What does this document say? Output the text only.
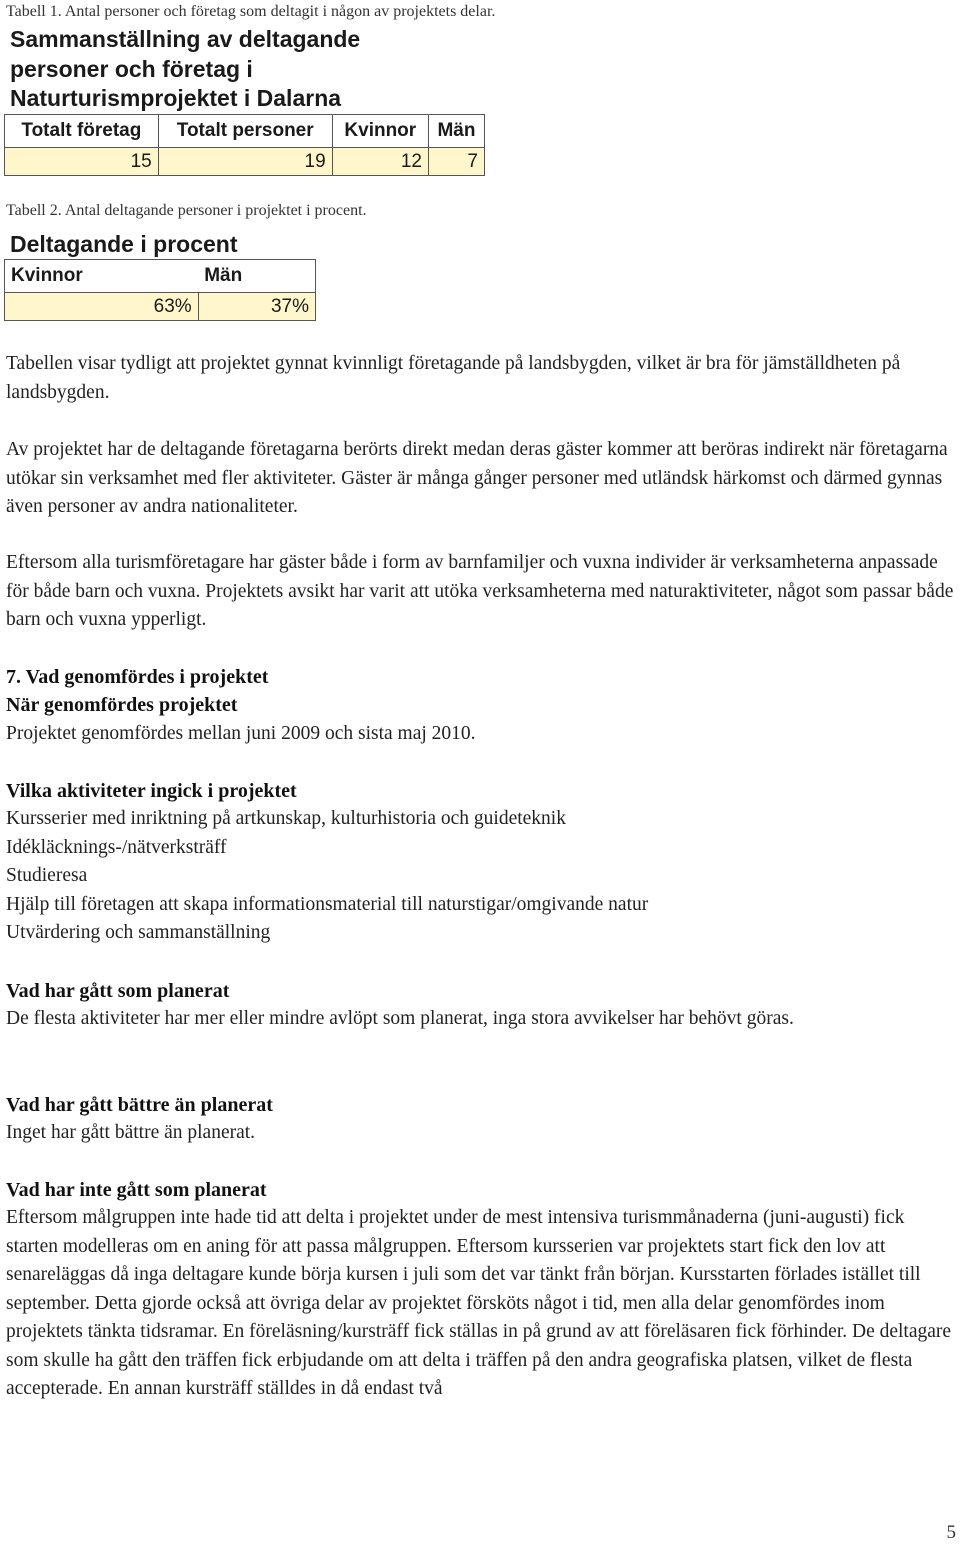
Tabell 1. Antal personer och företag som deltagit i någon av projektets delar.
Sammanställning av deltagande
personer och företag i
Naturturismprojektet i Dalarna
Totalt företag	Totalt personer	Kvinnor	Män
15	19	12	7
Tabell 2. Antal deltagande personer i projektet i procent.
Deltagande i procent
Kvinnor	Män
63%	37%

Tabellen visar tydligt att projektet gynnat kvinnligt företagande på landsbygden, vilket är bra för jämställdheten på landsbygden.

Av projektet har de deltagande företagarna berörts direkt medan deras gäster kommer att beröras indirekt när företagarna utökar sin verksamhet med fler aktiviteter. Gäster är många gånger personer med utländsk härkomst och därmed gynnas även personer av andra nationaliteter.

Eftersom alla turismföretagare har gäster både i form av barnfamiljer och vuxna individer är verksamheterna anpassade för både barn och vuxna. Projektets avsikt har varit att utöka verksamheterna med naturaktiviteter, något som passar både barn och vuxna ypperligt.

7. Vad genomfördes i projektet
När genomfördes projektet
Projektet genomfördes mellan juni 2009 och sista maj 2010.
Vilka aktiviteter ingick i projektet
Kursserier med inriktning på artkunskap, kulturhistoria och guideteknik
Idékläcknings-/nätverksträff
Studieresa
Hjälp till företagen att skapa informationsmaterial till naturstigar/omgivande natur
Utvärdering och sammanställning
Vad har gått som planerat

De flesta aktiviteter har mer eller mindre avlöpt som planerat, inga stora avvikelser har behövt göras.

Vad har gått bättre än planerat
Inget har gått bättre än planerat.
Vad har inte gått som planerat

Eftersom målgruppen inte hade tid att delta i projektet under de mest intensiva turismmånaderna (juni-augusti) fick starten modelleras om en aning för att passa målgruppen. Eftersom kursserien var projektets start fick den lov att senareläggas då inga deltagare kunde börja kursen i juli som det var tänkt från början. Kursstarten förlades istället till september. Detta gjorde också att övriga delar av projektet försköts något i tid, men alla delar genomfördes inom projektets tänkta tidsramar. En föreläsning/kursträff fick ställas in på grund av att föreläsaren fick förhinder. De deltagare som skulle ha gått den träffen fick erbjudande om att delta i träffen på den andra geografiska platsen, vilket de flesta accepterade. En annan kursträff ställdes in då endast två

5
